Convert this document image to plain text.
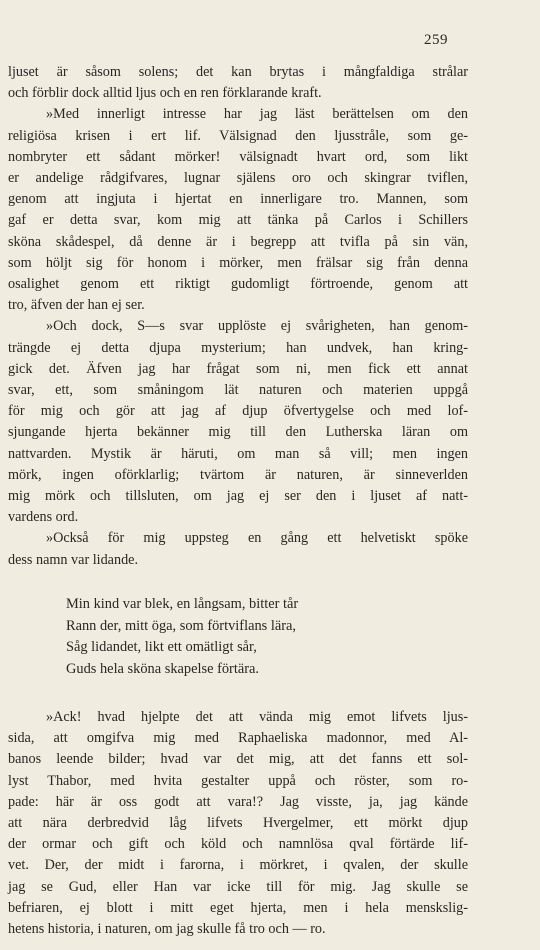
259

ljuset är såsom solens; det kan brytas i mångfaldiga strålar
och förblir dock alltid ljus och en ren förklarande kraft.

»Med innerligt intresse har jag läst berättelsen om den
religiösa krisen i ert lif. Välsignad den ljusstråle, som ge-
nombryter ett sådant mörker! välsignadt hvart ord, som likt
er andelige rådgifvares, lugnar själens oro och skingrar tviflen,
genom att ingjuta i hjertat en innerligare tro. Mannen, som
gaf er detta svar, kom mig att tänka på Carlos i Schillers
sköna skådespel, då denne är i begrepp att tvifla på sin vän,
som höljt sig för honom i mörker, men frälsar sig från denna
osalighet genom ett riktigt gudomligt förtroende, genom att
tro, äfven der han ej ser.

»Och dock, S—s svar upplöste ej svårigheten, han genom-
trängde ej detta djupa mysterium; han undvek, han kring-
gick det. Äfven jag har frågat som ni, men fick ett annat
svar, ett, som småningom lät naturen och materien uppgå
för mig och gör att jag af djup öfvertygelse och med lof-
sjungande hjerta bekänner mig till den Lutherska läran om
nattvarden. Mystik är häruti, om man så vill; men ingen
mörk, ingen oförklarlig; tvärtom är naturen, är sinneverlden
mig mörk och tillsluten, om jag ej ser den i ljuset af natt-
vardens ord.

»Också för mig uppsteg en gång ett helvetiskt spöke
dess namn var lidande.

Min kind var blek, en långsam, bitter tår
Rann der, mitt öga, som förtviflans lära,
Såg lidandet, likt ett omätligt sår,
Guds hela sköna skapelse förtära.

»Ack! hvad hjelpte det att vända mig emot lifvets ljus-
sida, att omgifva mig med Raphaeliska madonnor, med Al-
banos leende bilder; hvad var det mig, att det fanns ett sol-
lyst Thabor, med hvita gestalter uppå och röster, som ro-
pade: här är oss godt att vara!? Jag visste, ja, jag kände
att nära derbredvid låg lifvets Hvergelmer, ett mörkt djup
der ormar och gift och köld och namnlösa qval förtärde lif-
vet. Der, der midt i farorna, i mörkret, i qvalen, der skulle
jag se Gud, eller Han var icke till för mig. Jag skulle se
befriaren, ej blott i mitt eget hjerta, men i hela menskslig-
hetens historia, i naturen, om jag skulle få tro och — ro.
